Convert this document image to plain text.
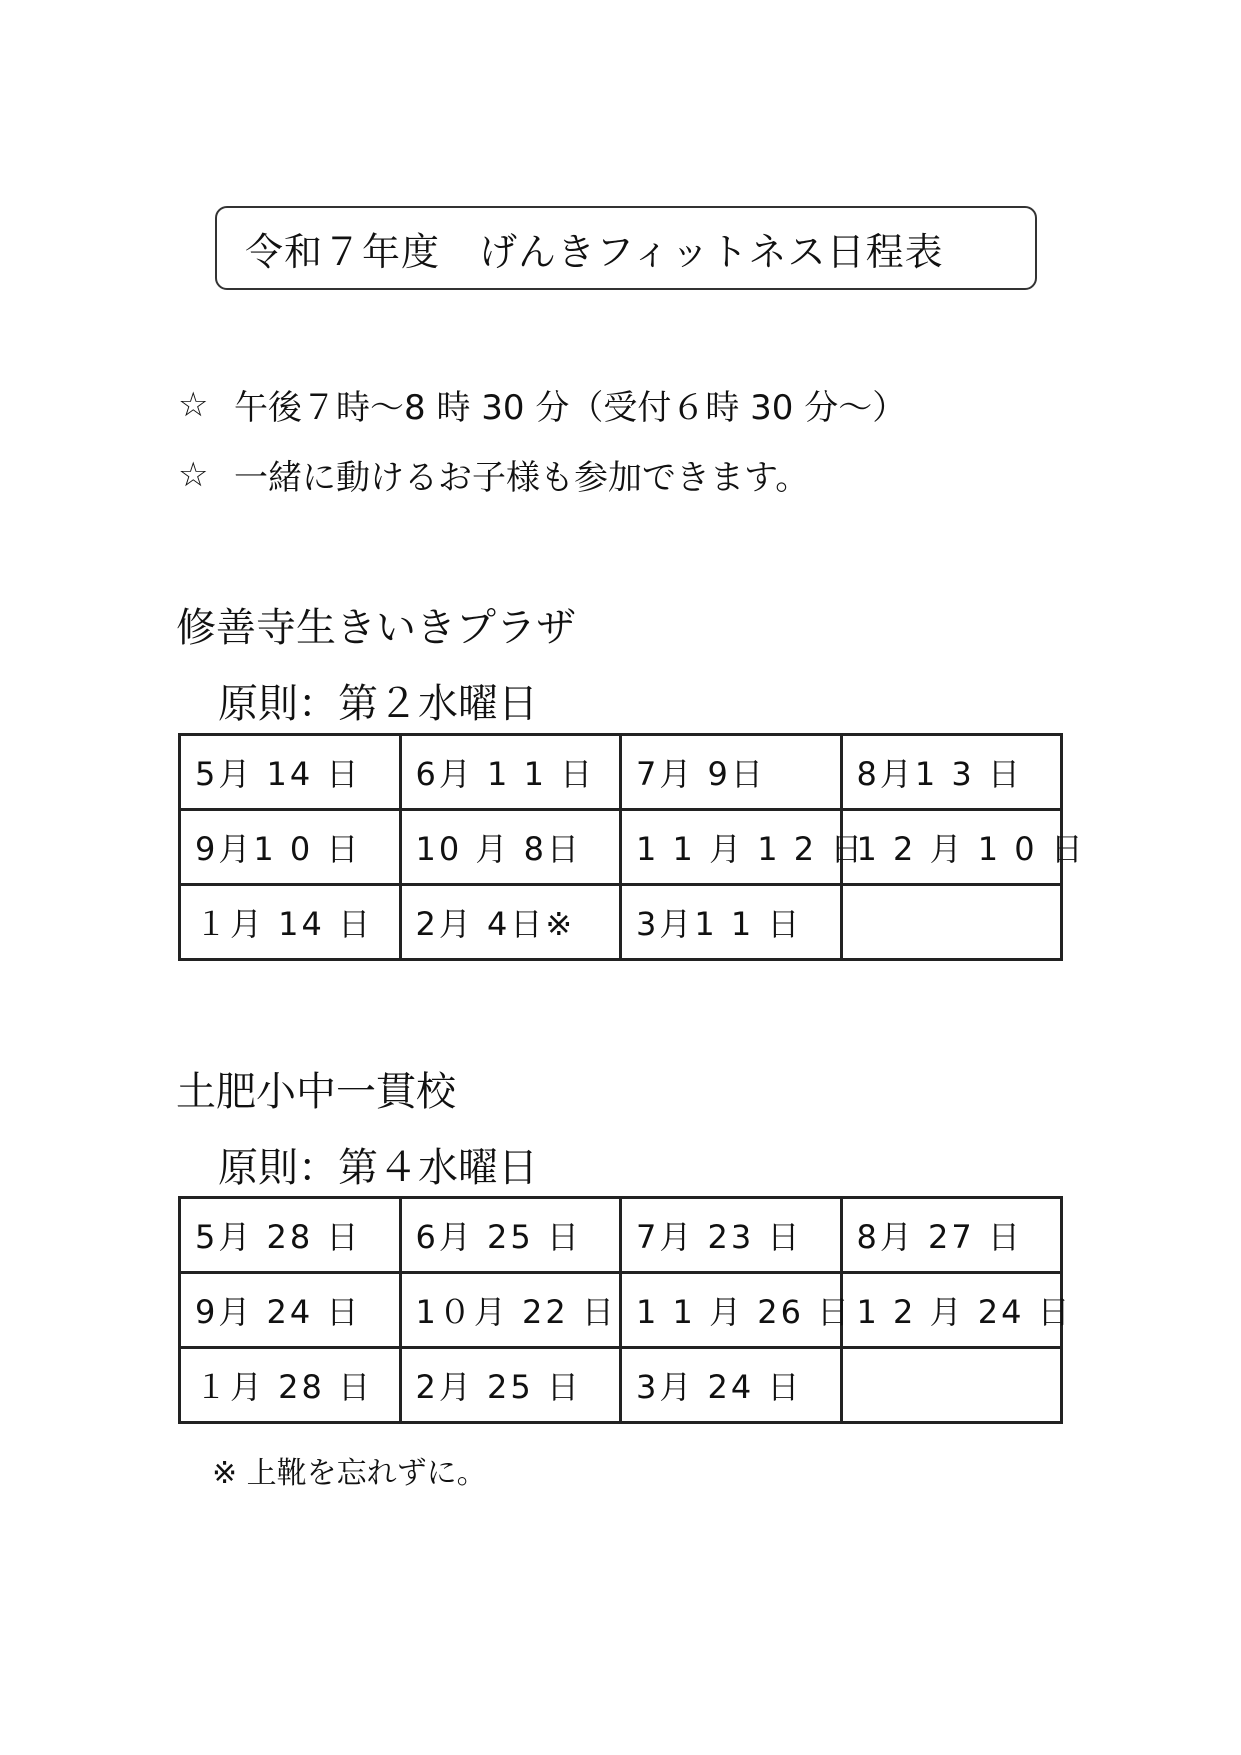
令和７年度　げんきフィットネス日程表
☆ 午後７時～8 時 30 分（受付６時 30 分～）
☆ 一緒に動けるお子様も参加できます。
修善寺生きいきプラザ
原則：第２水曜日
5月 14 日	6月 1 1 日	7月 9日	8月1 3 日
9月1 0 日	10 月 8日	1 1 月 1 2 日	1 2 月 1 0 日
１月 14 日	2月 4日※	3月1 1 日	
土肥小中一貫校
原則：第４水曜日
5月 28 日	6月 25 日	7月 23 日	8月 27 日
9月 24 日	1０月 22 日	1 1 月 26 日	1 2 月 24 日
１月 28 日	2月 25 日	3月 24 日	
※ 上靴を忘れずに。
